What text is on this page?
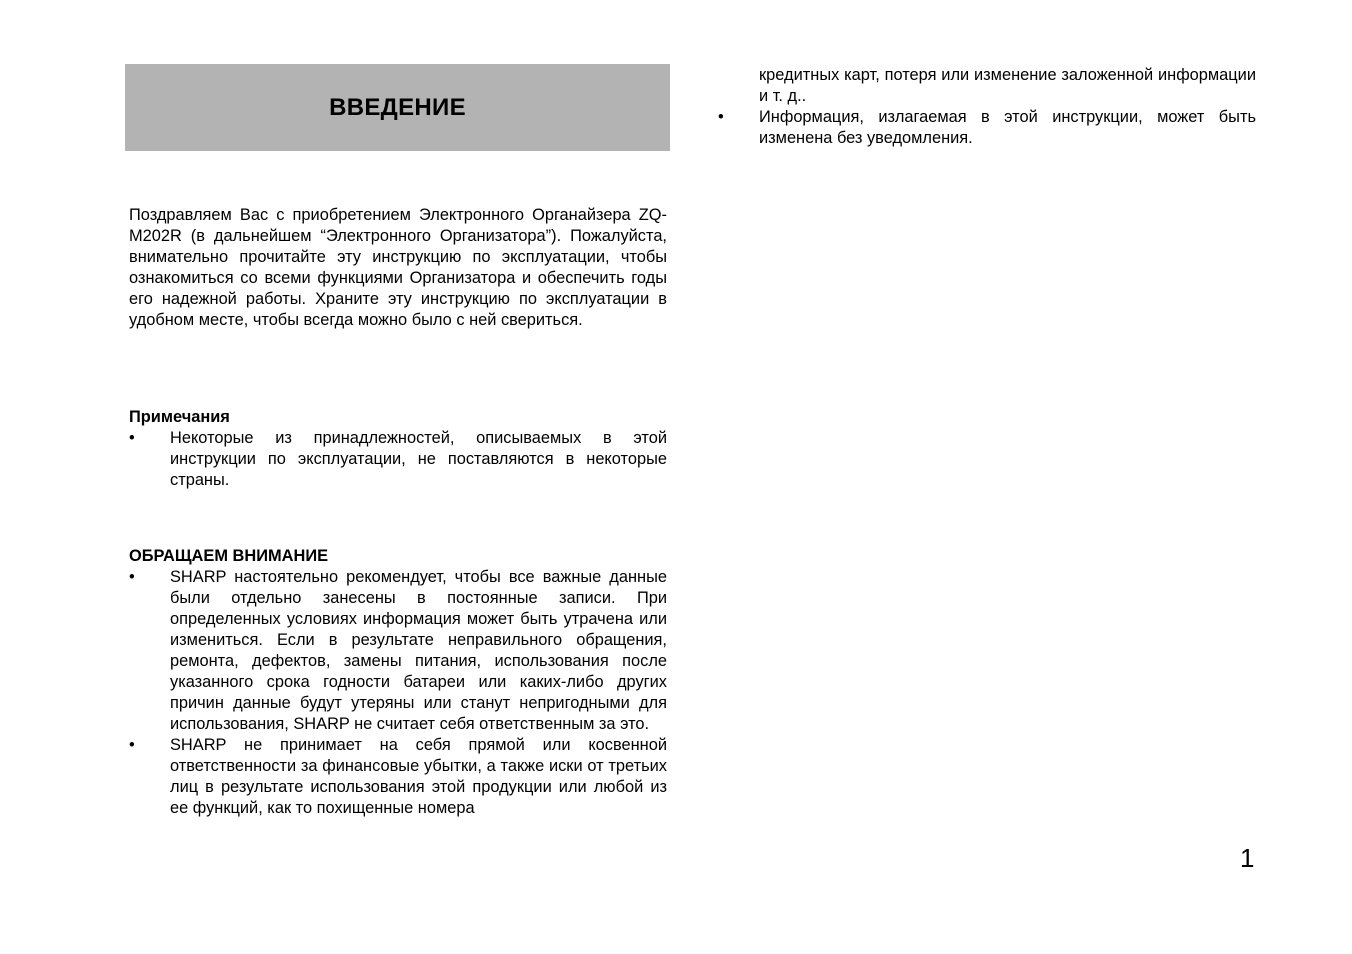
ВВЕДЕНИЕ

Поздравляем Вас с приобретением Электронного Органайзера ZQ-M202R (в дальнейшем “Электронного Организатора”). Пожалуйста, внимательно прочитайте эту инструкцию по эксплуатации, чтобы ознакомиться со всеми функциями Организатора и обеспечить годы его надежной работы. Храните эту инструкцию по эксплуатации в удобном месте, чтобы всегда можно было с ней свериться.

Примечания

•	Некоторые из принадлежностей, описываемых в этой инструкции по эксплуатации, не поставляются в некоторые страны.

ОБРАЩАЕМ ВНИМАНИЕ

•	SHARP настоятельно рекомендует, чтобы все важные данные были отдельно занесены в постоянные записи. При определенных условиях информация может быть утрачена или измениться. Если в результате неправильного обращения, ремонта, дефектов, замены питания, использования после указанного срока годности батареи или каких-либо других причин данные будут утеряны или станут непригодными для использования, SHARP не считает себя ответственным за это.
•	SHARP не принимает на себя прямой или косвенной ответственности за финансовые убытки, а также иски от третьих лиц в результате использования этой продукции или любой из ее функций, как то похищенные номера

кредитных карт, потеря или изменение заложенной информации и т. д..

•	Информация, излагаемая в этой инструкции, может быть изменена без уведомления.
1
